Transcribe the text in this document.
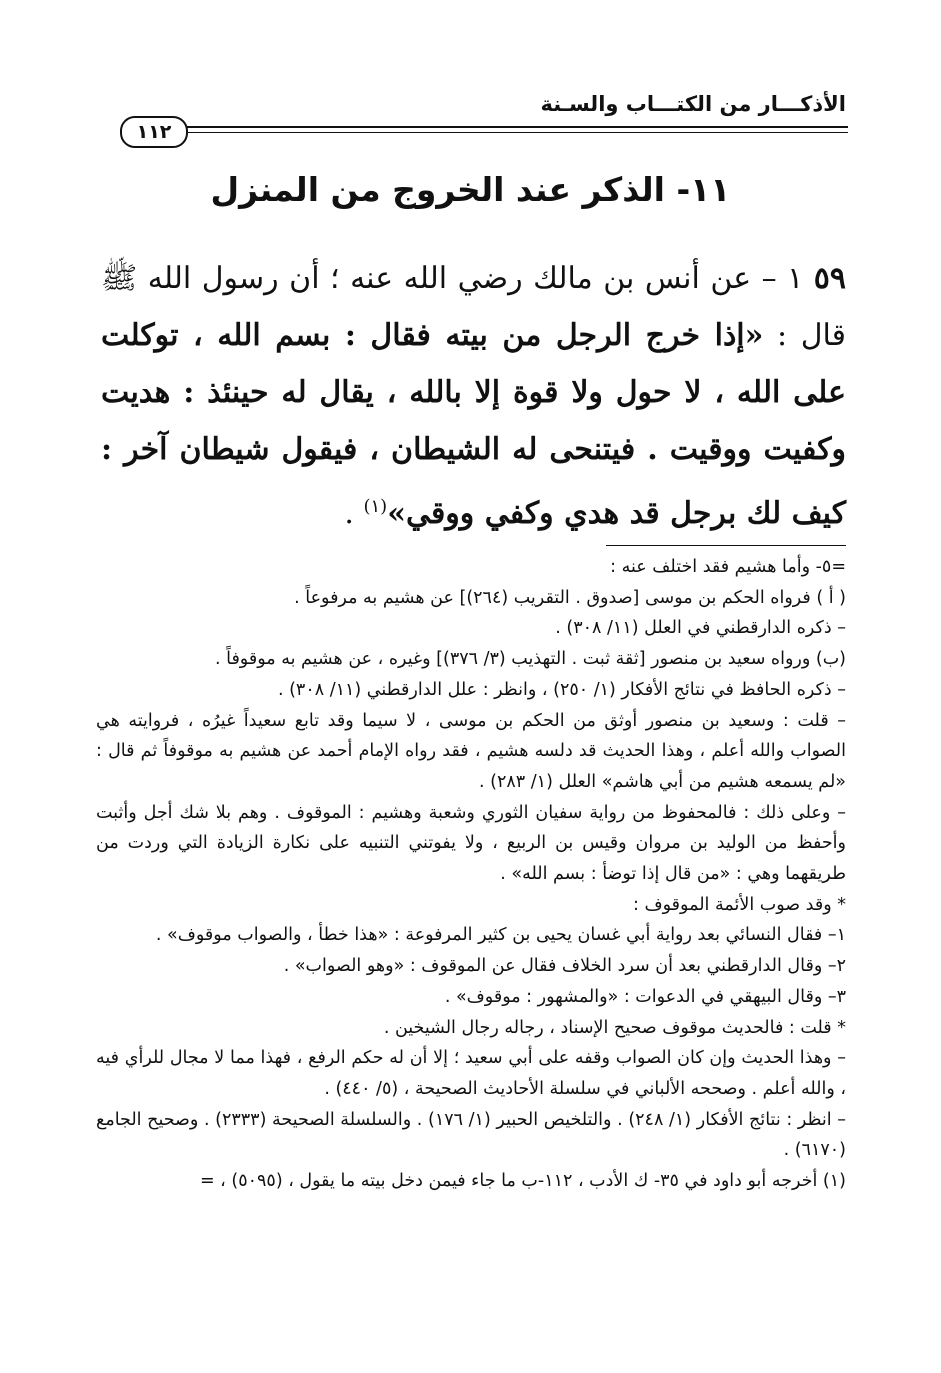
الأذكـــار من الكتـــاب والسـنة
١١٢
١١- الذكر عند الخروج من المنزل
٥٩ ١ – عن أنس بن مالك رضي الله عنه ؛ أن رسول الله ﷺ قال : «إذا خرج الرجل من بيته فقال : بسم الله ، توكلت على الله ، لا حول ولا قوة إلا بالله ، يقال له حينئذ : هديت وكفيت ووقيت . فيتنحى له الشيطان ، فيقول شيطان آخر : كيف لك برجل قد هدي وكفي ووقي»$^{(١)}$ .
=٥- وأما هشيم فقد اختلف عنه :
( أ ) فرواه الحكم بن موسى [صدوق . التقريب (٢٦٤)] عن هشيم به مرفوعاً .
– ذكره الدارقطني في العلل (١١/ ٣٠٨) .
(ب) ورواه سعيد بن منصور [ثقة ثبت . التهذيب (٣/ ٣٧٦)] وغيره ، عن هشيم به موقوفاً .
– ذكره الحافظ في نتائج الأفكار (١/ ٢٥٠) ، وانظر : علل الدارقطني (١١/ ٣٠٨) .
– قلت : وسعيد بن منصور أوثق من الحكم بن موسى ، لا سيما وقد تابع سعيداً غيرُه ، فروايته هي الصواب والله أعلم ، وهذا الحديث قد دلسه هشيم ، فقد رواه الإمام أحمد عن هشيم به موقوفاً ثم قال : «لم يسمعه هشيم من أبي هاشم» العلل (١/ ٢٨٣) .
– وعلى ذلك : فالمحفوظ من رواية سفيان الثوري وشعبة وهشيم : الموقوف . وهم بلا شك أجل وأثبت وأحفظ من الوليد بن مروان وقيس بن الربيع ، ولا يفوتني التنبيه على نكارة الزيادة التي وردت من طريقهما وهي : «من قال إذا توضأ : بسم الله» .
* وقد صوب الأئمة الموقوف :
١– فقال النسائي بعد رواية أبي غسان يحيى بن كثير المرفوعة : «هذا خطأ ، والصواب موقوف» .
٢– وقال الدارقطني بعد أن سرد الخلاف فقال عن الموقوف : «وهو الصواب» .
٣– وقال البيهقي في الدعوات : «والمشهور : موقوف» .
* قلت : فالحديث موقوف صحيح الإسناد ، رجاله رجال الشيخين .
– وهذا الحديث وإن كان الصواب وقفه على أبي سعيد ؛ إلا أن له حكم الرفع ، فهذا مما لا مجال للرأي فيه ، والله أعلم . وصححه الألباني في سلسلة الأحاديث الصحيحة ، (٥/ ٤٤٠) .
– انظر : نتائج الأفكار (١/ ٢٤٨) . والتلخيص الحبير (١/ ١٧٦) . والسلسلة الصحيحة (٢٣٣٣) . وصحيح الجامع (٦١٧٠) .
(١) أخرجه أبو داود في ٣٥- ك الأدب ، ١١٢-ب ما جاء فيمن دخل بيته ما يقول ، (٥٠٩٥) ، =
